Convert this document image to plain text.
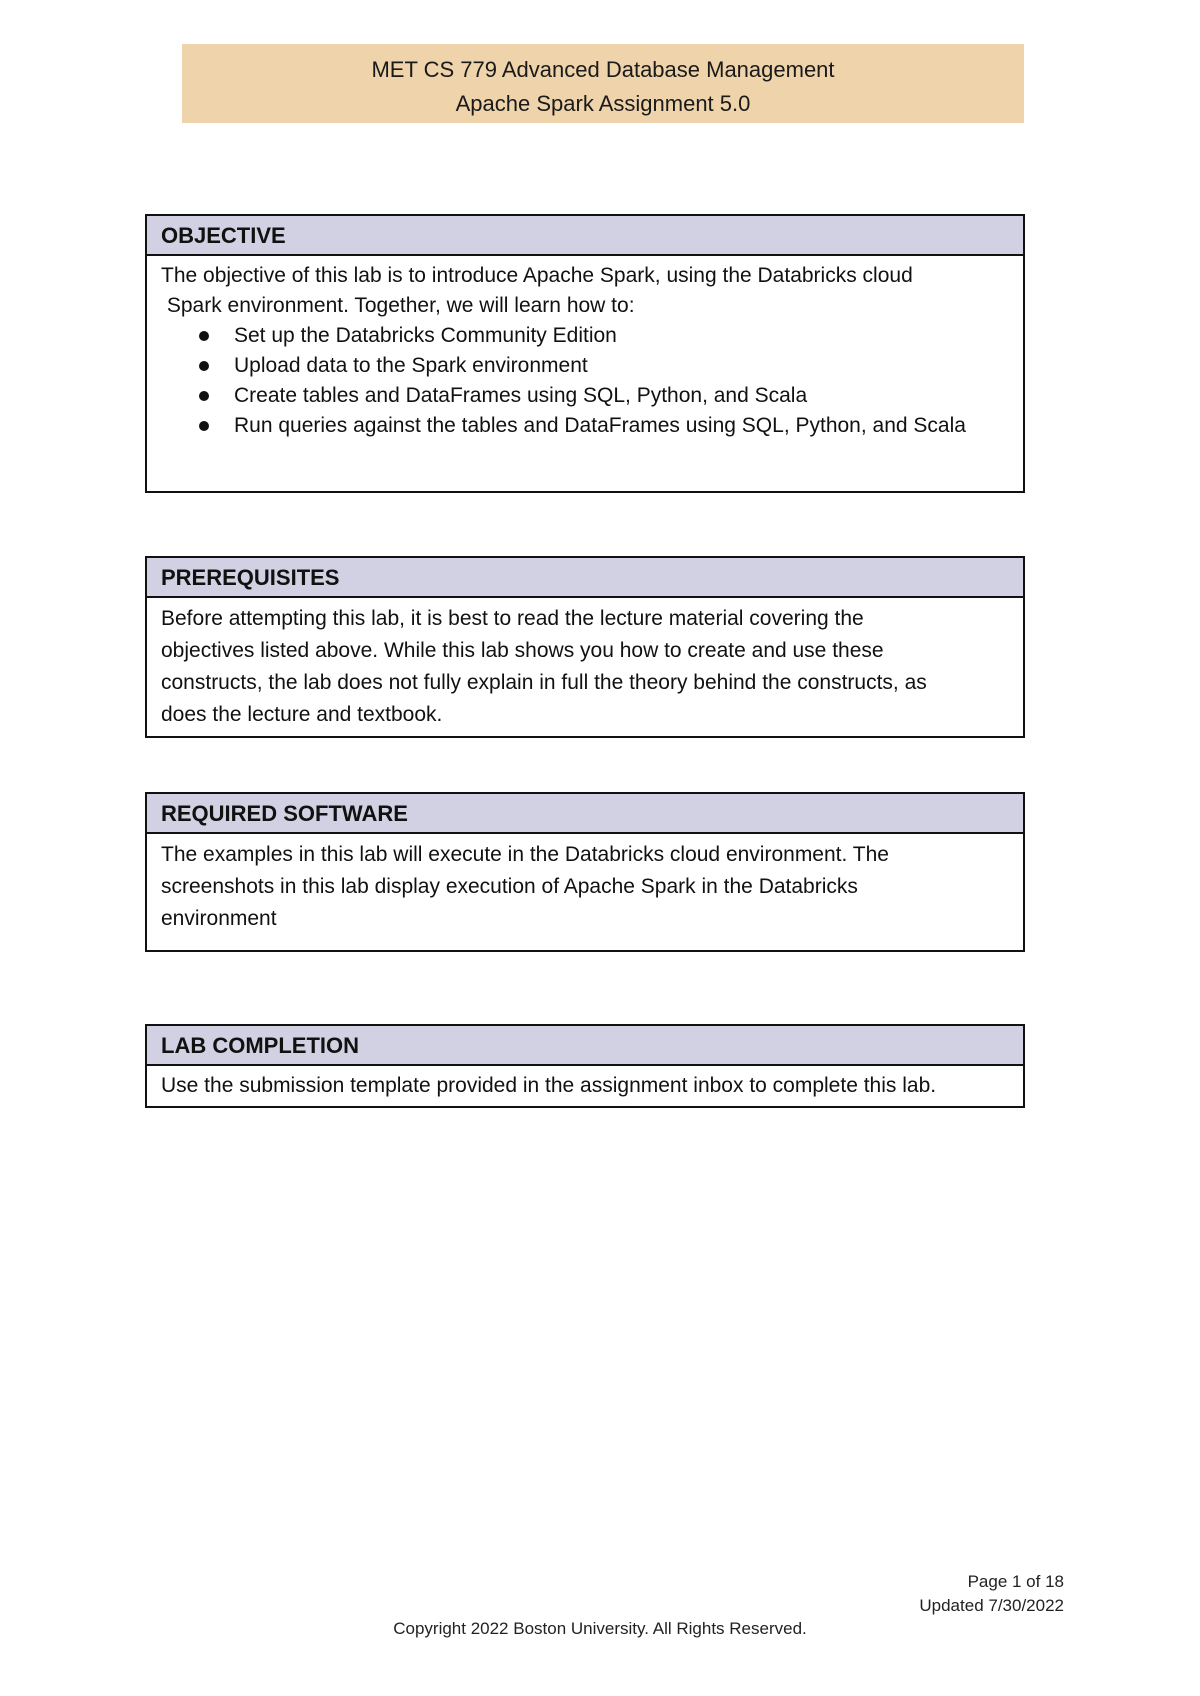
MET CS 779 Advanced Database Management
Apache Spark Assignment 5.0
OBJECTIVE
The objective of this lab is to introduce Apache Spark, using the Databricks cloud
Spark environment. Together, we will learn how to:
Set up the Databricks Community Edition
Upload data to the Spark environment
Create tables and DataFrames using SQL, Python, and Scala
Run queries against the tables and DataFrames using SQL, Python, and Scala
PREREQUISITES
Before attempting this lab, it is best to read the lecture material covering the
objectives listed above. While this lab shows you how to create and use these
constructs, the lab does not fully explain in full the theory behind the constructs, as
does the lecture and textbook.
REQUIRED SOFTWARE
The examples in this lab will execute in the Databricks cloud environment. The
screenshots in this lab display execution of Apache Spark in the Databricks
environment
LAB COMPLETION
Use the submission template provided in the assignment inbox to complete this lab.
Page 1 of 18
Updated 7/30/2022
Copyright 2022 Boston University. All Rights Reserved.
